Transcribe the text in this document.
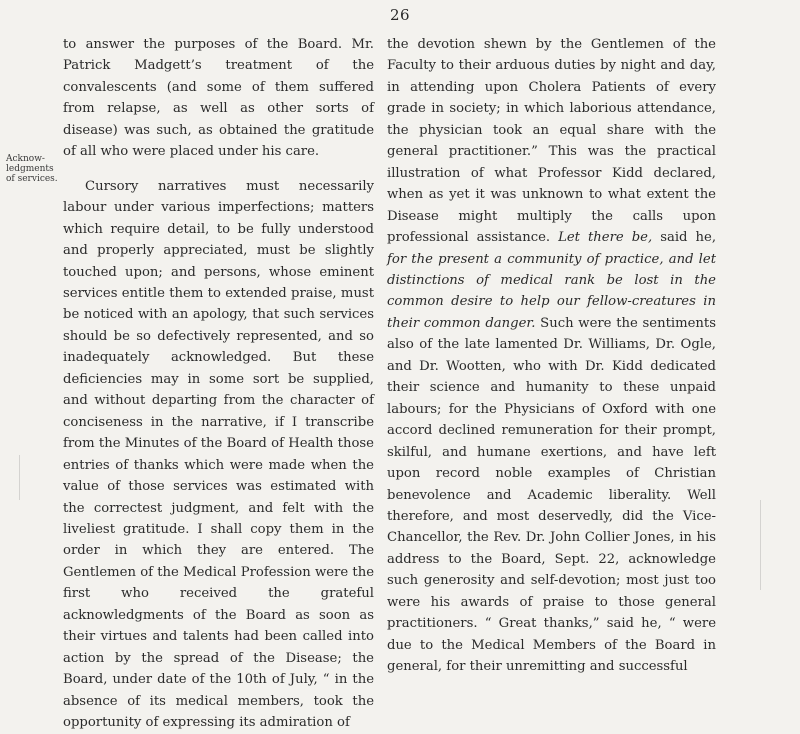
26
Acknow-
ledgments
of services.

to answer the purposes of the Board. Mr. Patrick Madgett’s treatment of the convalescents (and some of them suffered from relapse, as well as other sorts of disease) was such, as obtained the gratitude of all who were placed under his care.

Cursory narratives must necessarily labour under various imperfections; matters which require detail, to be fully understood and properly appreciated, must be slightly touched upon; and persons, whose eminent services entitle them to extended praise, must be noticed with an apology, that such services should be so defectively represented, and so inadequately acknowledged. But these deficiencies may in some sort be supplied, and without departing from the character of conciseness in the narrative, if I transcribe from the Minutes of the Board of Health those entries of thanks which were made when the value of those services was estimated with the correctest judgment, and felt with the liveliest gratitude. I shall copy them in the order in which they are entered. The Gentlemen of the Medical Profession were the first who received the grateful acknowledgments of the Board as soon as their virtues and talents had been called into action by the spread of the Disease; the Board, under date of the 10th of July, “ in the absence of its medical members, took the opportunity of expressing its admiration of

the devotion shewn by the Gentlemen of the Faculty to their arduous duties by night and day, in attending upon Cholera Patients of every grade in society; in which laborious attendance, the physician took an equal share with the general practitioner.” This was the practical illustration of what Professor Kidd declared, when as yet it was unknown to what extent the Disease might multiply the calls upon professional assistance. Let there be, said he, for the present a community of practice, and let distinctions of medical rank be lost in the common desire to help our fellow-creatures in their common danger. Such were the sentiments also of the late lamented Dr. Williams, Dr. Ogle, and Dr. Wootten, who with Dr. Kidd dedicated their science and humanity to these unpaid labours; for the Physicians of Oxford with one accord declined remuneration for their prompt, skilful, and humane exertions, and have left upon record noble examples of Christian benevolence and Academic liberality. Well therefore, and most deservedly, did the Vice-Chancellor, the Rev. Dr. John Collier Jones, in his address to the Board, Sept. 22, acknowledge such generosity and self-devotion; most just too were his awards of praise to those general practitioners. “ Great thanks,” said he, “ were due to the Medical Members of the Board in general, for their unremitting and successful
